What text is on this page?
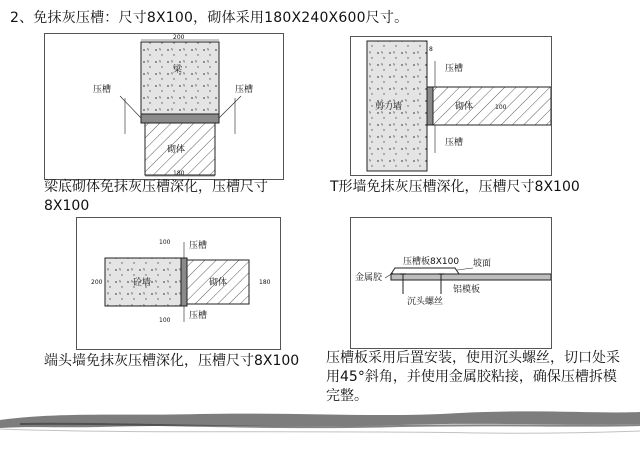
2、免抹灰压槽：尺寸8X100，砌体采用180X240X600尺寸。
200
180
梁
砌体
压槽	压槽
梁底砌体免抹灰压槽深化，压槽尺寸8X100
8
100
压槽
压槽
剪力墙	砌体
T形墙免抹灰压槽深化，压槽尺寸8X100
100
100
200	180
压槽
压槽
砼墙	砌体
端头墙免抹灰压槽深化，压槽尺寸8X100
压槽板8X100 坡面
金属胶
铝模板
沉头螺丝
压槽板采用后置安装，使用沉头螺丝，切口处采用45°斜角，并使用金属胶粘接，确保压槽拆模完整。
